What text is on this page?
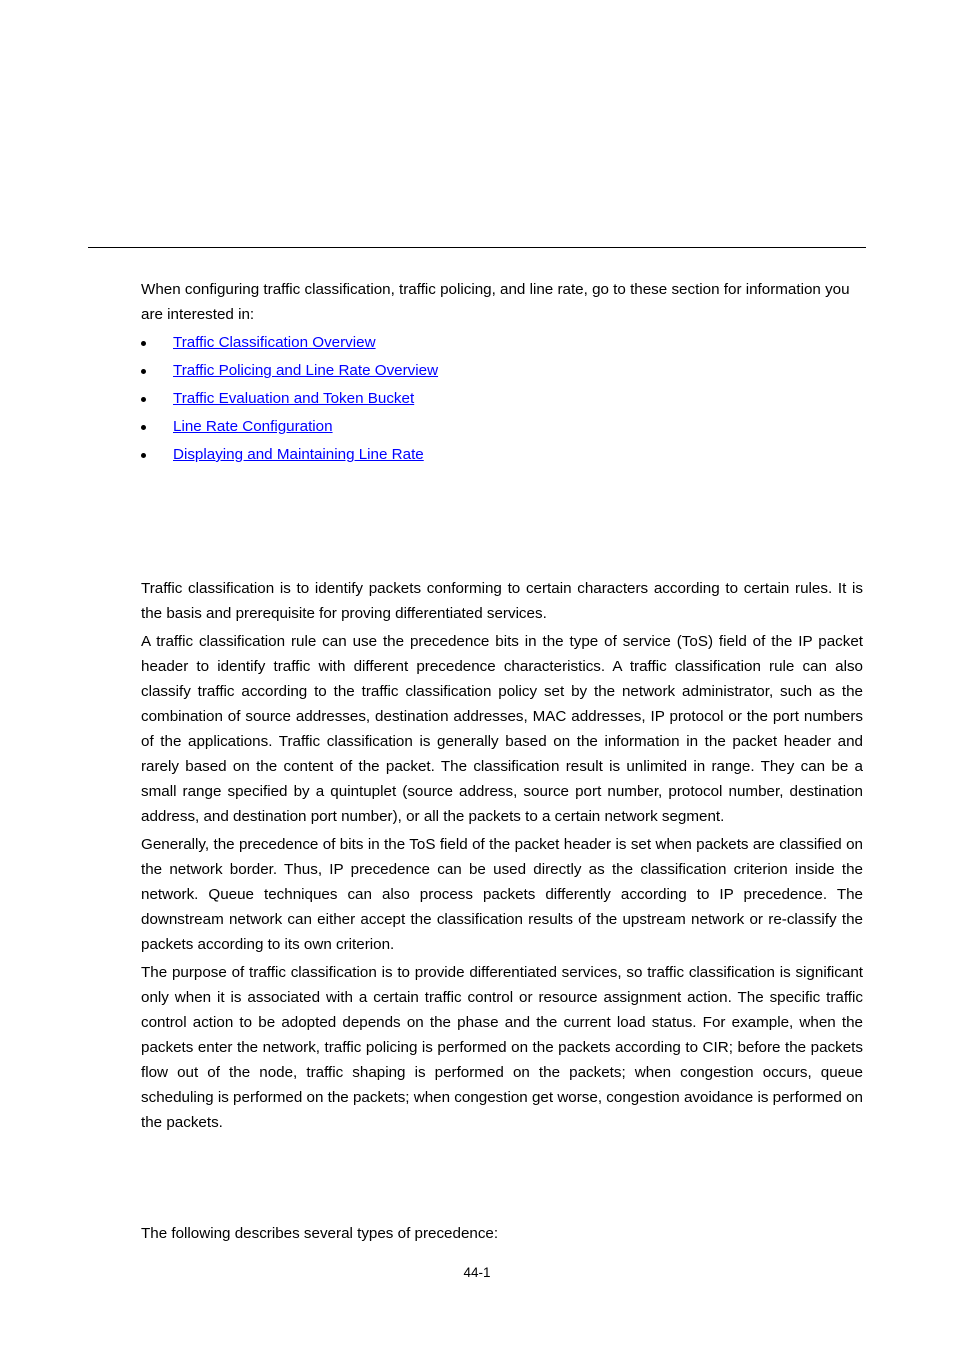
When configuring traffic classification, traffic policing, and line rate, go to these section for information you are interested in:

Traffic Classification Overview
Traffic Policing and Line Rate Overview
Traffic Evaluation and Token Bucket
Line Rate Configuration
Displaying and Maintaining Line Rate

Traffic classification is to identify packets conforming to certain characters according to certain rules. It is the basis and prerequisite for proving differentiated services.

A traffic classification rule can use the precedence bits in the type of service (ToS) field of the IP packet header to identify traffic with different precedence characteristics. A traffic classification rule can also classify traffic according to the traffic classification policy set by the network administrator, such as the combination of source addresses, destination addresses, MAC addresses, IP protocol or the port numbers of the applications. Traffic classification is generally based on the information in the packet header and rarely based on the content of the packet. The classification result is unlimited in range. They can be a small range specified by a quintuplet (source address, source port number, protocol number, destination address, and destination port number), or all the packets to a certain network segment.

Generally, the precedence of bits in the ToS field of the packet header is set when packets are classified on the network border. Thus, IP precedence can be used directly as the classification criterion inside the network. Queue techniques can also process packets differently according to IP precedence. The downstream network can either accept the classification results of the upstream network or re-classify the packets according to its own criterion.

The purpose of traffic classification is to provide differentiated services, so traffic classification is significant only when it is associated with a certain traffic control or resource assignment action. The specific traffic control action to be adopted depends on the phase and the current load status. For example, when the packets enter the network, traffic policing is performed on the packets according to CIR; before the packets flow out of the node, traffic shaping is performed on the packets; when congestion occurs, queue scheduling is performed on the packets; when congestion get worse, congestion avoidance is performed on the packets.

The following describes several types of precedence:

44-1
